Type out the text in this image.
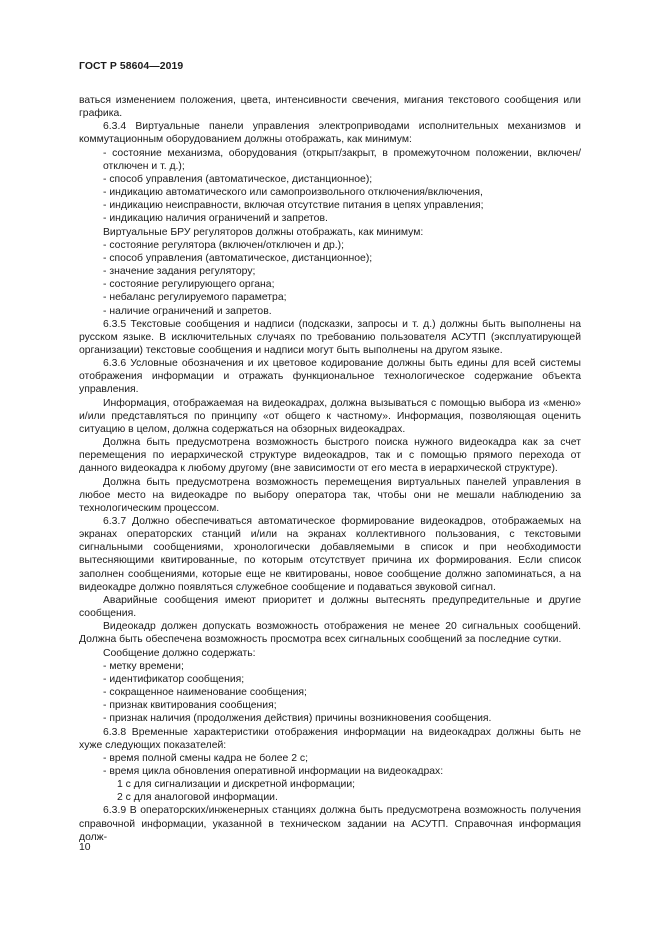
ГОСТ Р 58604—2019

ваться изменением положения, цвета, интенсивности свечения, мигания текстового сообщения или графика.

6.3.4 Виртуальные панели управления электроприводами исполнительных механизмов и коммутационным оборудованием должны отображать, как минимум:

- состояние механизма, оборудования (открыт/закрыт, в промежуточном положении, включен/отключен и т. д.);

- способ управления (автоматическое, дистанционное);

- индикацию автоматического или самопроизвольного отключения/включения,

- индикацию неисправности, включая отсутствие питания в цепях управления;

- индикацию наличия ограничений и запретов.

Виртуальные БРУ регуляторов должны отображать, как минимум:

- состояние регулятора (включен/отключен и др.);

- способ управления (автоматическое, дистанционное);

- значение задания регулятору;

- состояние регулирующего органа;

- небаланс регулируемого параметра;

- наличие ограничений и запретов.

6.3.5 Текстовые сообщения и надписи (подсказки, запросы и т. д.) должны быть выполнены на русском языке. В исключительных случаях по требованию пользователя АСУТП (эксплуатирующей организации) текстовые сообщения и надписи могут быть выполнены на другом языке.

6.3.6 Условные обозначения и их цветовое кодирование должны быть едины для всей системы отображения информации и отражать функциональное технологическое содержание объекта управления.

Информация, отображаемая на видеокадрах, должна вызываться с помощью выбора из «меню» и/или представляться по принципу «от общего к частному». Информация, позволяющая оценить ситуацию в целом, должна содержаться на обзорных видеокадрах.

Должна быть предусмотрена возможность быстрого поиска нужного видеокадра как за счет перемещения по иерархической структуре видеокадров, так и с помощью прямого перехода от данного видеокадра к любому другому (вне зависимости от его места в иерархической структуре).

Должна быть предусмотрена возможность перемещения виртуальных панелей управления в любое место на видеокадре по выбору оператора так, чтобы они не мешали наблюдению за технологическим процессом.

6.3.7 Должно обеспечиваться автоматическое формирование видеокадров, отображаемых на экранах операторских станций и/или на экранах коллективного пользования, с текстовыми сигнальными сообщениями, хронологически добавляемыми в список и при необходимости вытесняющими квитированные, по которым отсутствует причина их формирования. Если список заполнен сообщениями, которые еще не квитированы, новое сообщение должно запоминаться, а на видеокадре должно появляться служебное сообщение и подаваться звуковой сигнал.

Аварийные сообщения имеют приоритет и должны вытеснять предупредительные и другие сообщения.

Видеокадр должен допускать возможность отображения не менее 20 сигнальных сообщений. Должна быть обеспечена возможность просмотра всех сигнальных сообщений за последние сутки.

Сообщение должно содержать:

- метку времени;

- идентификатор сообщения;

- сокращенное наименование сообщения;

- признак квитирования сообщения;

- признак наличия (продолжения действия) причины возникновения сообщения.

6.3.8 Временные характеристики отображения информации на видеокадрах должны быть не хуже следующих показателей:

- время полной смены кадра не более 2 с;

- время цикла обновления оперативной информации на видеокадрах:

1 с для сигнализации и дискретной информации;

2 с для аналоговой информации.

6.3.9 В операторских/инженерных станциях должна быть предусмотрена возможность получения справочной информации, указанной в техническом задании на АСУТП. Справочная информация долж-

10
